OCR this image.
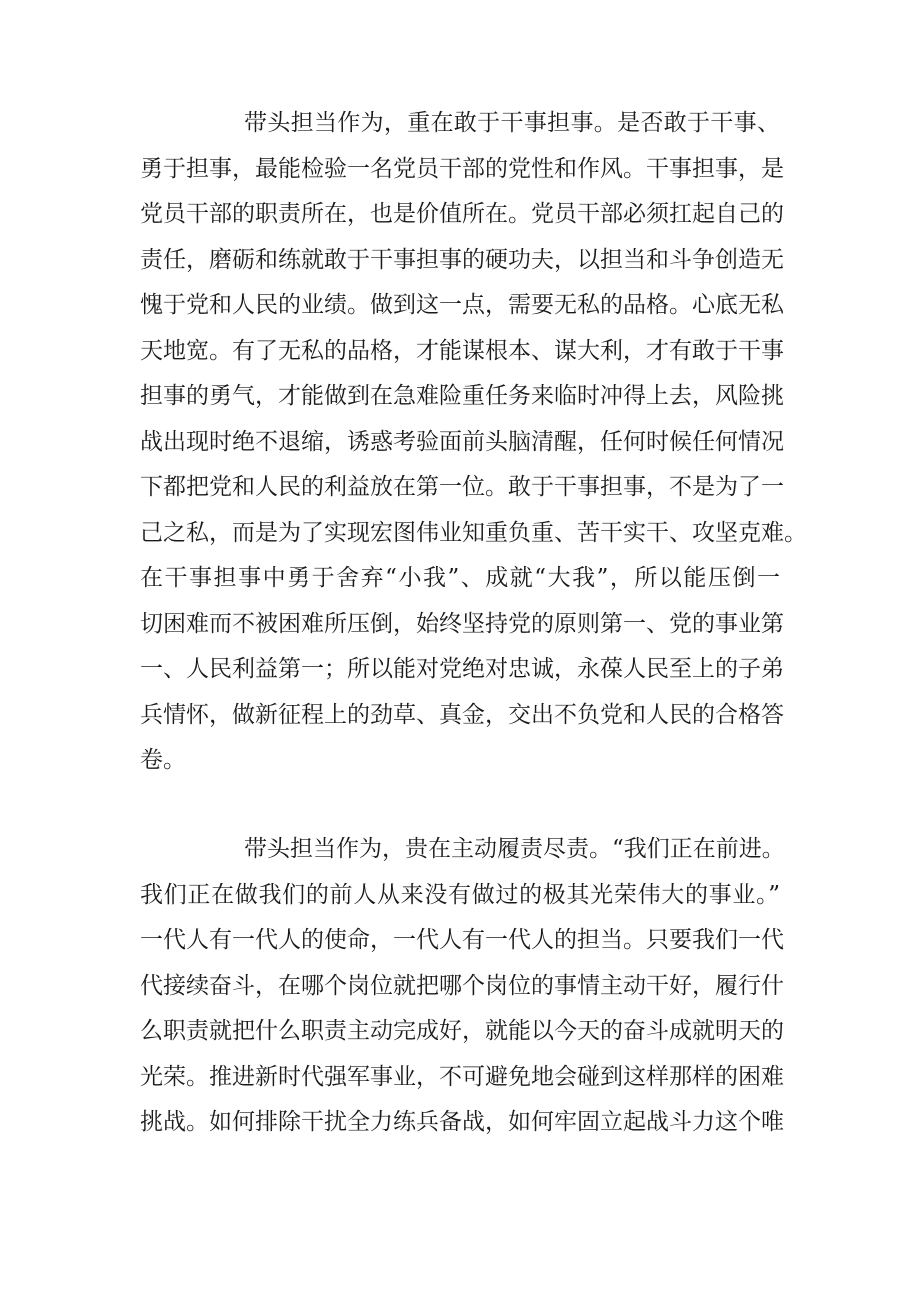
带头担当作为，重在敢于干事担事。是否敢于干事、
勇于担事，最能检验一名党员干部的党性和作风。干事担事，是
党员干部的职责所在，也是价值所在。党员干部必须扛起自己的
责任，磨砺和练就敢于干事担事的硬功夫，以担当和斗争创造无
愧于党和人民的业绩。做到这一点，需要无私的品格。心底无私
天地宽。有了无私的品格，才能谋根本、谋大利，才有敢于干事
担事的勇气，才能做到在急难险重任务来临时冲得上去，风险挑
战出现时绝不退缩，诱惑考验面前头脑清醒，任何时候任何情况
下都把党和人民的利益放在第一位。敢于干事担事，不是为了一
己之私，而是为了实现宏图伟业知重负重、苦干实干、攻坚克难。
在干事担事中勇于舍弃“小我”、成就“大我”，所以能压倒一
切困难而不被困难所压倒，始终坚持党的原则第一、党的事业第
一、人民利益第一；所以能对党绝对忠诚，永葆人民至上的子弟
兵情怀，做新征程上的劲草、真金，交出不负党和人民的合格答
卷。
带头担当作为，贵在主动履责尽责。“我们正在前进。
我们正在做我们的前人从来没有做过的极其光荣伟大的事业。”
一代人有一代人的使命，一代人有一代人的担当。只要我们一代
代接续奋斗，在哪个岗位就把哪个岗位的事情主动干好，履行什
么职责就把什么职责主动完成好，就能以今天的奋斗成就明天的
光荣。推进新时代强军事业，不可避免地会碰到这样那样的困难
挑战。如何排除干扰全力练兵备战，如何牢固立起战斗力这个唯
